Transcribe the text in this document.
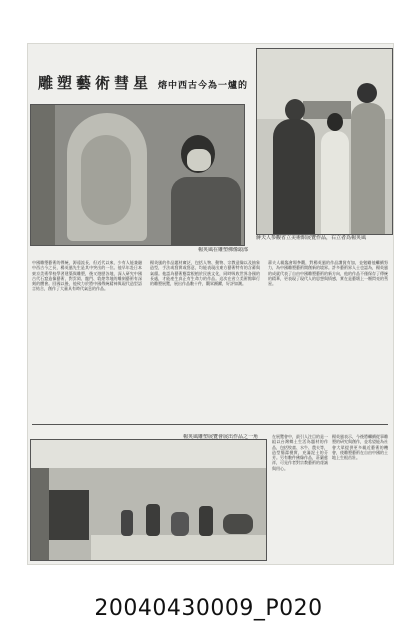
雕塑藝術彗星 熔中西古今為一爐的
楊英風在雕塑佛像頭部
蔣夫人参觀省立美術館展覽作品，右立者為楊英風
中國雕塑藝術的傳統，源遠流長，但近代以來，少有人能兼融中西古今之長，楊英風先生是其中突出的一位。他早年赴日本東京美術學校學習建築與雕塑，後又遊歷各地，深入研究中國古代石窟造像藝術，對雲岡、龍門、敦煌等地的雕刻藝術有深刻的體會。回國以後，他致力於將中國傳統精神與現代造型語言結合，創作了大量具有時代氣息的作品。
楊英風的作品題材廣泛，包括人物、動物、宗教造像以及抽象造型，手法或寫實或寫意，均能表現出東方藝術特有的含蓄與氣韻。他認為藝術應當根植於民族文化，同時吸收世界各國的長處，才能產生真正有生命力的作品。這次在省立美術館舉行的雕塑展覽，展出作品數十件，觀眾踴躍，好評如潮。
蔣夫人親臨會場參觀，對楊英風的作品讚賞有加，並勉勵他繼續努力，為中國雕塑藝術開創新的境界。許多藝術界人士也認為，楊英風的成就代表了自由中國雕塑藝術的新方向，他的作品不僅保存了傳統的精華，更表現了現代人的思想與情感，實在是藝壇上一顆閃亮的彗星。
楊英風雕塑展覽會展出作品之一角	在展覽會中，最引人注目的是一組以台灣鄉土生活為題材的作品，包括牧童、水牛、農夫等，造型簡潔樸實，充滿泥土的芬芳。另有數件佛像作品，莊嚴慈祥，可見作者對宗教藝術的虔誠與用心。
楊英風表示，今後將繼續從事雕塑的研究與創作，並希望能為社會大眾提供更多親近藝術的機會，使雕塑藝術在自由中國的土地上生根茁壯。
20040430009_P020
